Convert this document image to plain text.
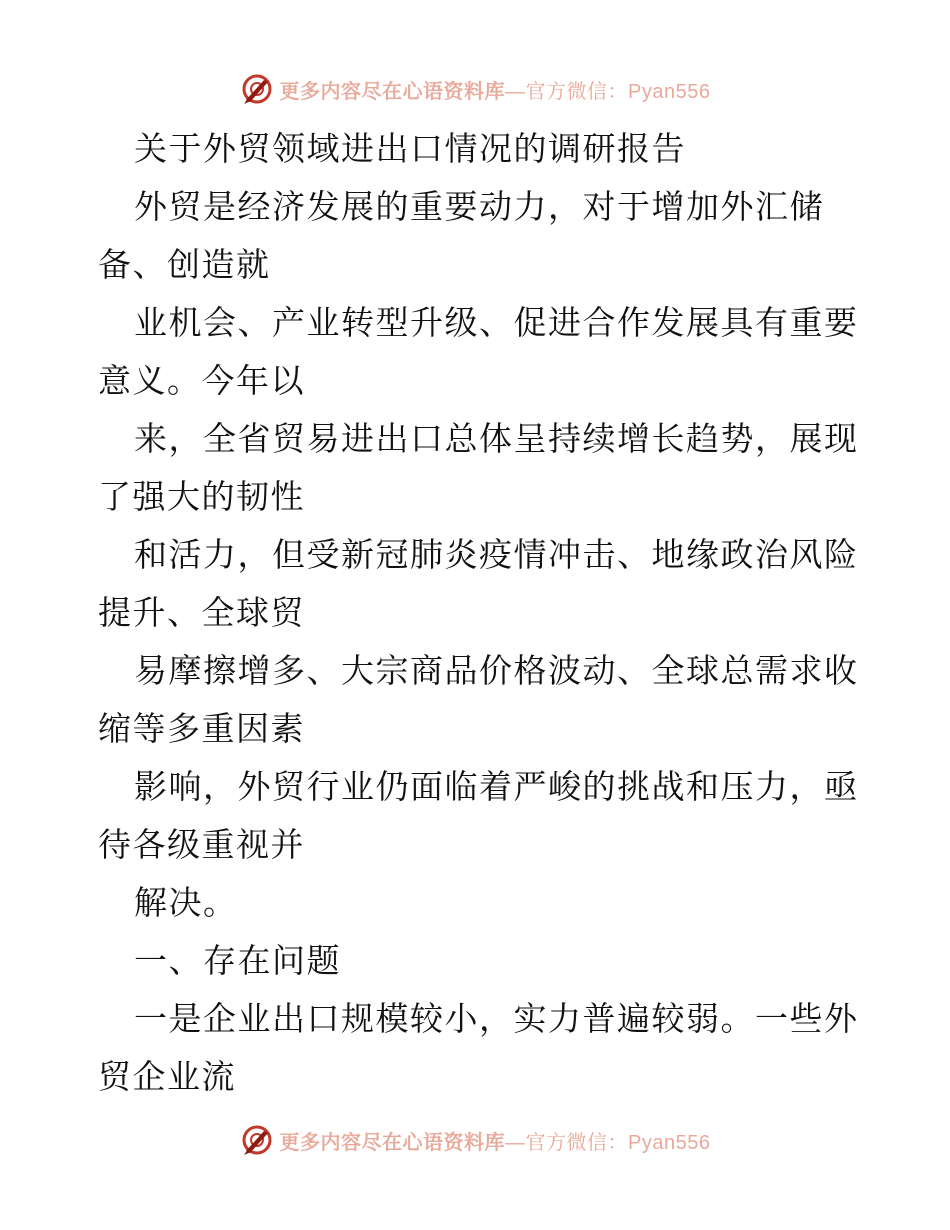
更多内容尽在心语资料库—官方微信：Pyan556
关于外贸领域进出口情况的调研报告
外贸是经济发展的重要动力，对于增加外汇储
备、创造就
业机会、产业转型升级、促进合作发展具有重要
意义。今年以
来，全省贸易进出口总体呈持续增长趋势，展现
了强大的韧性
和活力，但受新冠肺炎疫情冲击、地缘政治风险
提升、全球贸
易摩擦增多、大宗商品价格波动、全球总需求收
缩等多重因素
影响，外贸行业仍面临着严峻的挑战和压力，亟
待各级重视并
解决。
一、存在问题
一是企业出口规模较小，实力普遍较弱。一些外
贸企业流
更多内容尽在心语资料库—官方微信：Pyan556
